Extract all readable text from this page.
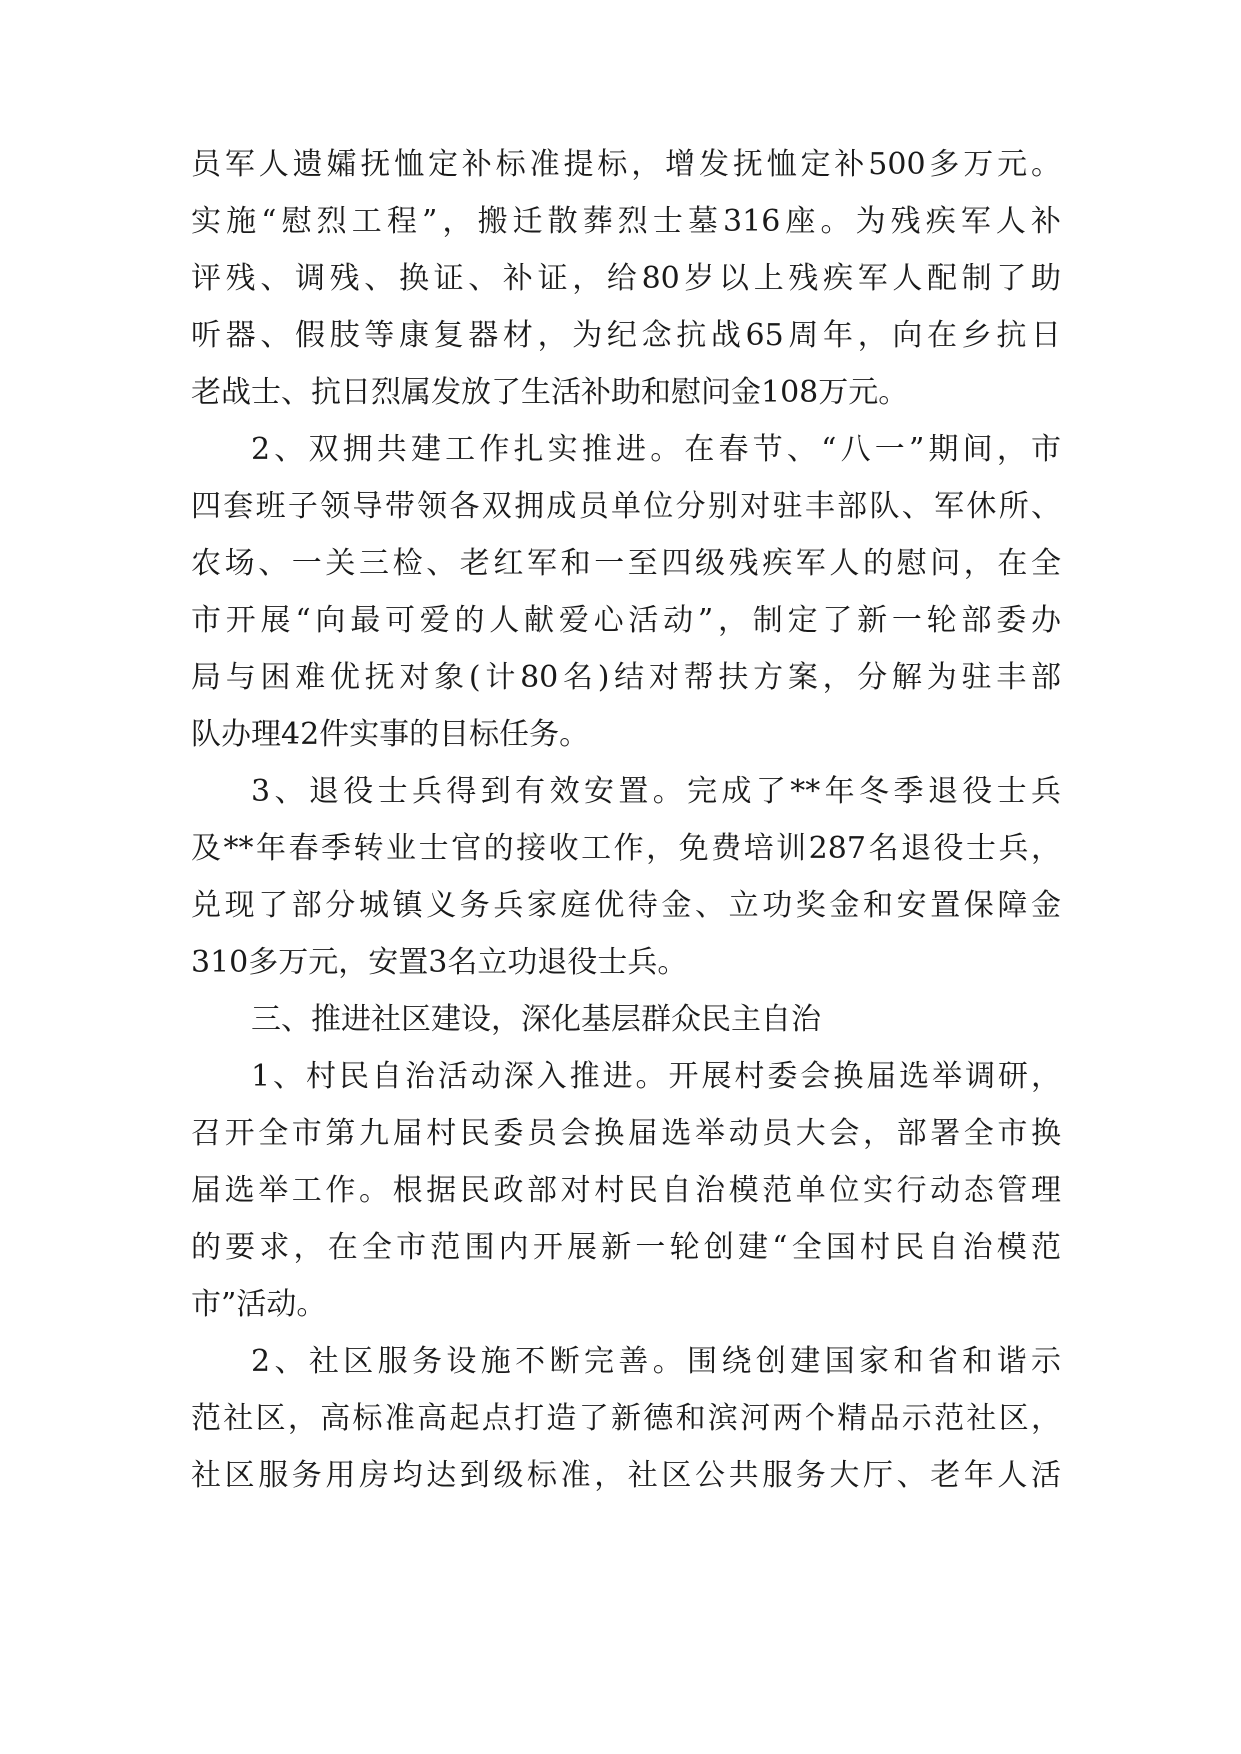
员军人遗孀抚恤定补标准提标，增发抚恤定补500多万元。
实施“慰烈工程”，搬迁散葬烈士墓316座。为残疾军人补
评残、调残、换证、补证，给80岁以上残疾军人配制了助
听器、假肢等康复器材，为纪念抗战65周年，向在乡抗日
老战士、抗日烈属发放了生活补助和慰问金108万元。
2、双拥共建工作扎实推进。在春节、“八一”期间，市
四套班子领导带领各双拥成员单位分别对驻丰部队、军休所、
农场、一关三检、老红军和一至四级残疾军人的慰问，在全
市开展“向最可爱的人献爱心活动”，制定了新一轮部委办
局与困难优抚对象(计80名)结对帮扶方案，分解为驻丰部
队办理42件实事的目标任务。
3、退役士兵得到有效安置。完成了**年冬季退役士兵
及**年春季转业士官的接收工作，免费培训287名退役士兵，
兑现了部分城镇义务兵家庭优待金、立功奖金和安置保障金
310多万元，安置3名立功退役士兵。
三、推进社区建设，深化基层群众民主自治
1、村民自治活动深入推进。开展村委会换届选举调研，
召开全市第九届村民委员会换届选举动员大会，部署全市换
届选举工作。根据民政部对村民自治模范单位实行动态管理
的要求，在全市范围内开展新一轮创建“全国村民自治模范
市”活动。
2、社区服务设施不断完善。围绕创建国家和省和谐示
范社区，高标准高起点打造了新德和滨河两个精品示范社区，
社区服务用房均达到级标准，社区公共服务大厅、老年人活
